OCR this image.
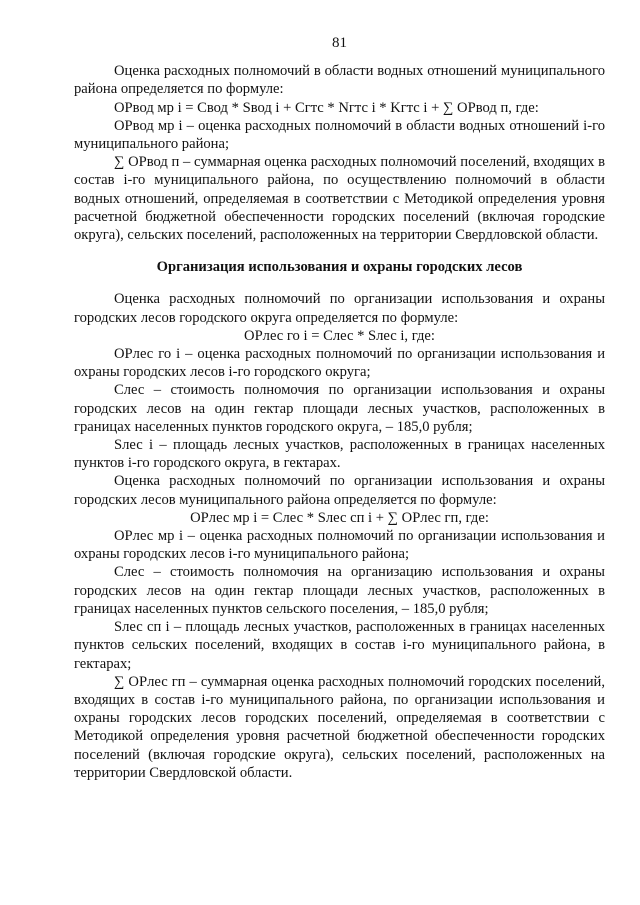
81

Оценка расходных полномочий в области водных отношений муниципального района определяется по формуле:

ОРвод мр i = Свод * Sвод i + Сгтс * Nгтс i * Kгтс i + ∑ ОРвод п, где:

ОРвод мр i – оценка расходных полномочий в области водных отношений i-го муниципального района;

∑ ОРвод п – суммарная оценка расходных полномочий поселений, входящих в состав i-го муниципального района, по осуществлению полномочий в области водных отношений, определяемая в соответствии с Методикой определения уровня расчетной бюджетной обеспеченности городских поселений (включая городские округа), сельских поселений, расположенных на территории Свердловской области.

Организация использования и охраны городских лесов

Оценка расходных полномочий по организации использования и охраны городских лесов городского округа определяется по формуле:

ОРлес го i = Слес * Sлес i, где:

ОРлес го i – оценка расходных полномочий по организации использования и охраны городских лесов i-го городского округа;

Слес – стоимость полномочия по организации использования и охраны городских лесов на один гектар площади лесных участков, расположенных в границах населенных пунктов городского округа, – 185,0 рубля;

Sлес i – площадь лесных участков, расположенных в границах населенных пунктов i-го городского округа, в гектарах.

Оценка расходных полномочий по организации использования и охраны городских лесов муниципального района определяется по формуле:

ОРлес мр i = Слес * Sлес сп i + ∑ ОРлес гп, где:

ОРлес мр i – оценка расходных полномочий по организации использования и охраны городских лесов i-го муниципального района;

Слес – стоимость полномочия на организацию использования и охраны городских лесов на один гектар площади лесных участков, расположенных в границах населенных пунктов сельского поселения, – 185,0 рубля;

Sлес сп i – площадь лесных участков, расположенных в границах населенных пунктов сельских поселений, входящих в состав i-го муниципального района, в гектарах;

∑ ОРлес гп – суммарная оценка расходных полномочий городских поселений, входящих в состав i-го муниципального района, по организации использования и охраны городских лесов городских поселений, определяемая в соответствии с Методикой определения уровня расчетной бюджетной обеспеченности городских поселений (включая городские округа), сельских поселений, расположенных на территории Свердловской области.
